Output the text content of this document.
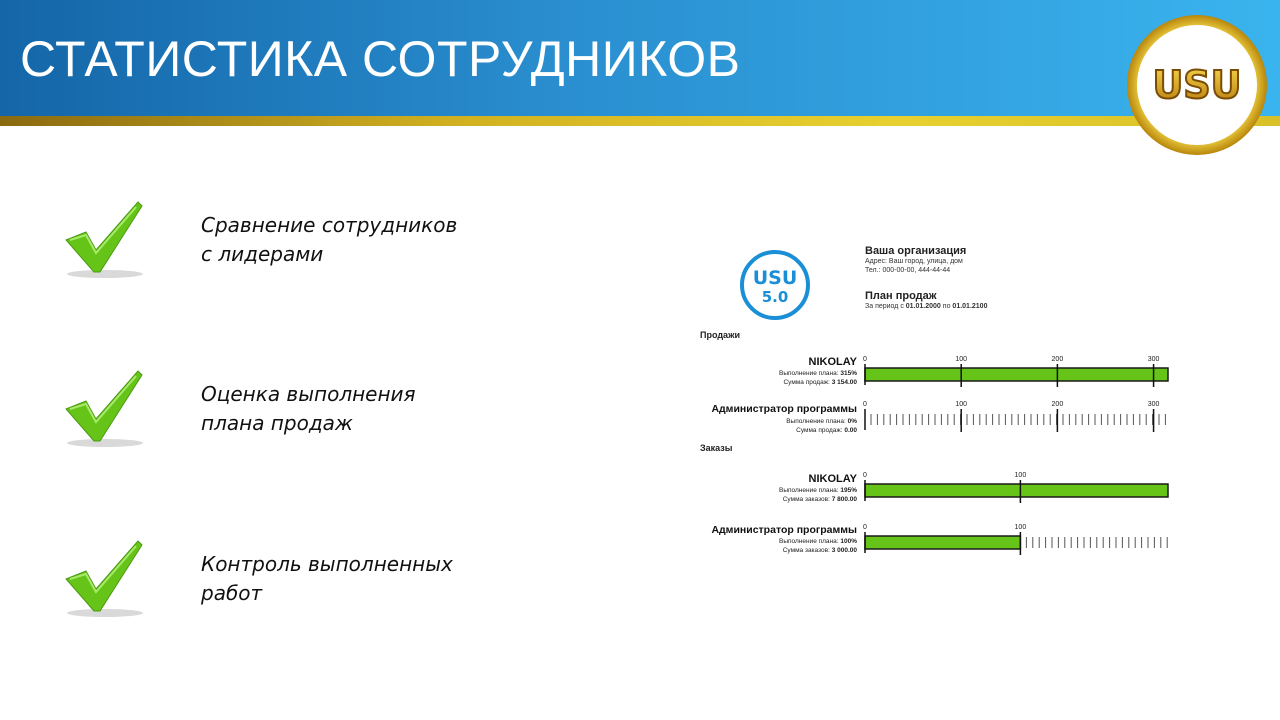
СТАТИСТИКА СОТРУДНИКОВ	USU
Сравнение сотрудников
с лидерами
Оценка выполнения
плана продаж
Контроль выполненных
работ
USU
5.0
Ваша организация
Адрес: Ваш город, улица, дом
Тел.: 000-00-00, 444-44-44
План продаж
За период с 01.01.2000 по 01.01.2100
Продажи
NIKOLAY
Выполнение плана: 315%
Сумма продаж: 3 154.00
Администратор программы
Выполнение плана: 0%
Сумма продаж: 0.00
Заказы
NIKOLAY
Выполнение плана: 195%
Сумма заказов: 7 800.00
Администратор программы
Выполнение плана: 100%
Сумма заказов: 3 000.00
0	100	200	300
0	100	200	300
0	100
0	100
